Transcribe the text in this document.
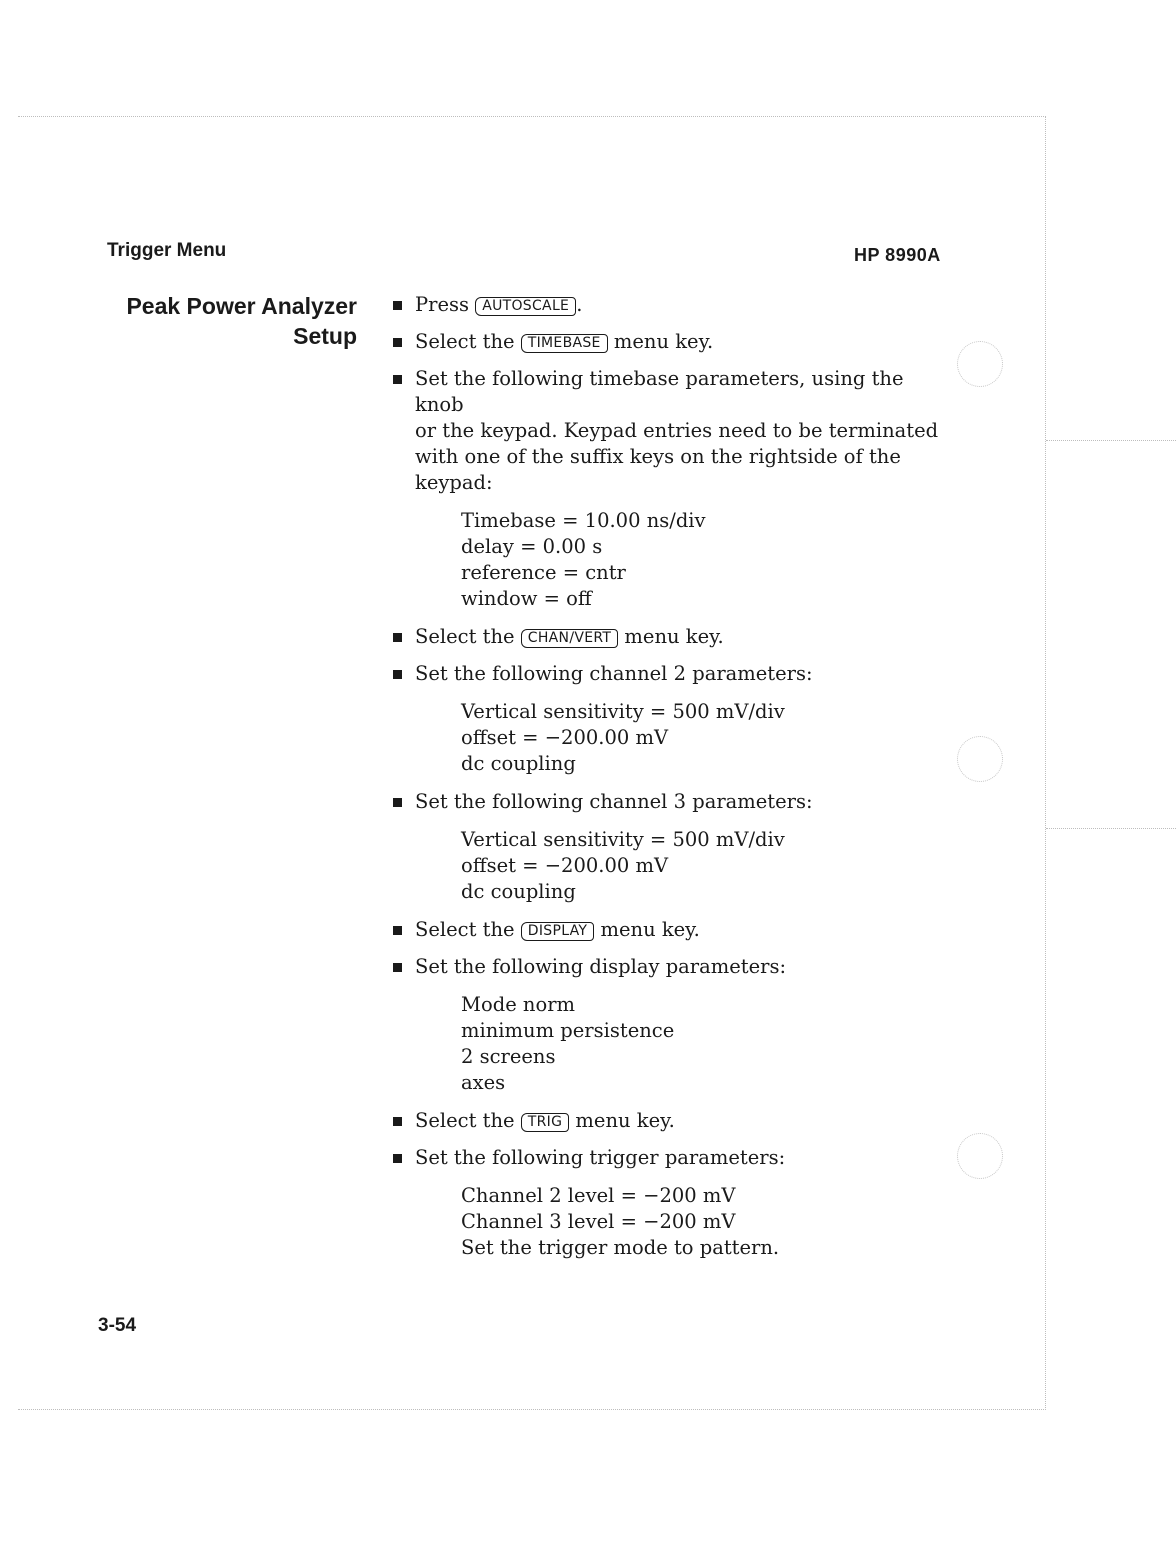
Trigger Menu	HP 8990A
Peak Power Analyzer
Setup
Press AUTOSCALE .
Select the TIMEBASE menu key.
Set the following timebase parameters, using the knob
or the keypad. Keypad entries need to be terminated
with one of the suffix keys on the rightside of the
keypad:
Timebase = 10.00 ns/div
delay = 0.00 s
reference = cntr
window = off
Select the CHAN/VERT menu key.
Set the following channel 2 parameters:
Vertical sensitivity = 500 mV/div
offset = −200.00 mV
dc coupling
Set the following channel 3 parameters:
Vertical sensitivity = 500 mV/div
offset = −200.00 mV
dc coupling
Select the DISPLAY menu key.
Set the following display parameters:
Mode norm
minimum persistence
2 screens
axes
Select the TRIG menu key.
Set the following trigger parameters:
Channel 2 level = −200 mV
Channel 3 level = −200 mV
Set the trigger mode to pattern.
3-54
